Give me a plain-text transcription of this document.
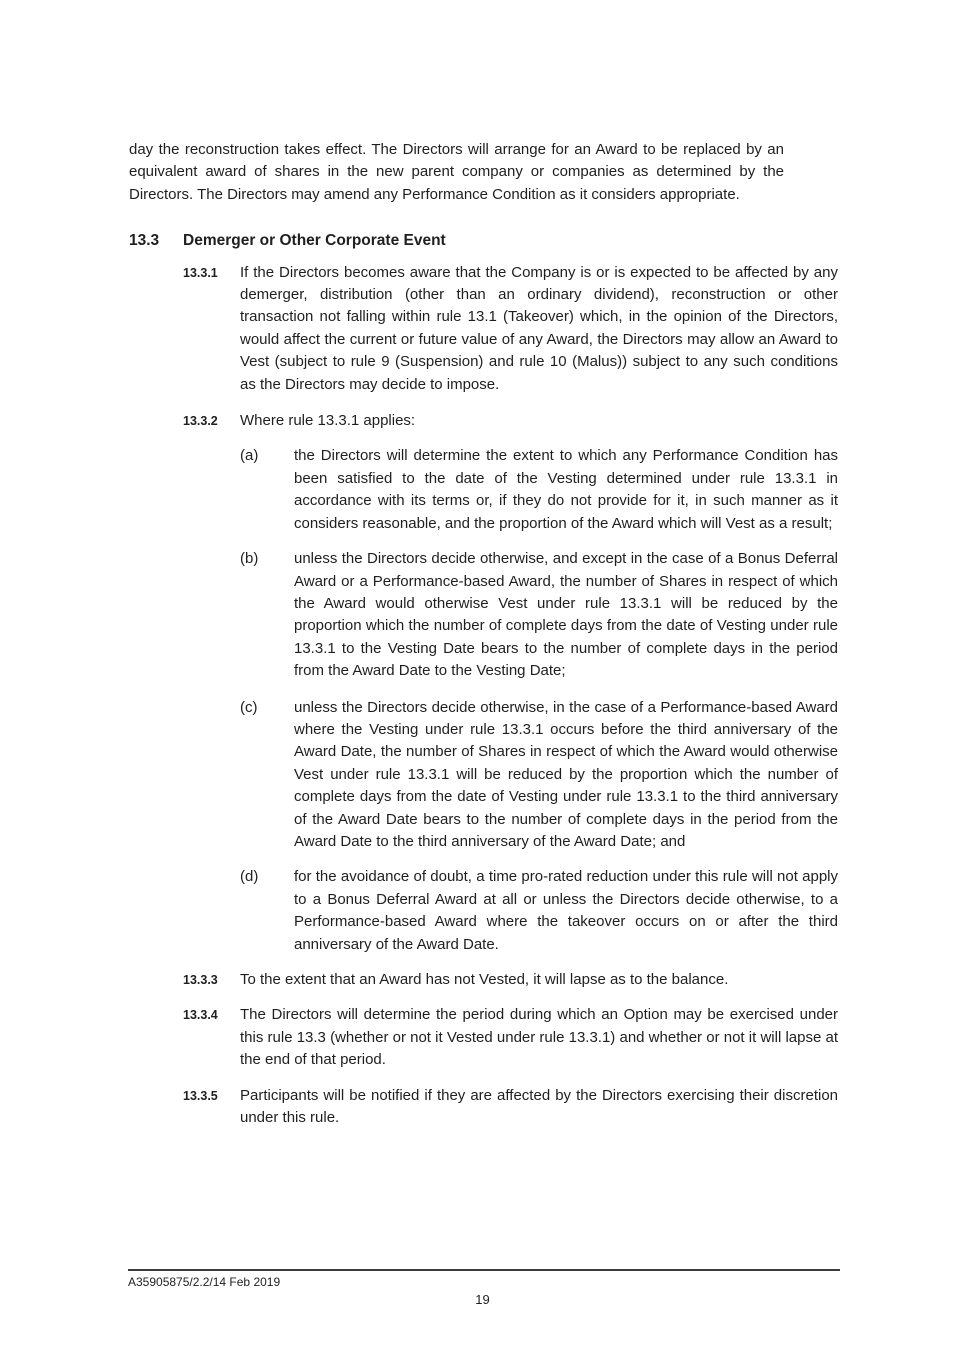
day the reconstruction takes effect. The Directors will arrange for an Award to be replaced by an equivalent award of shares in the new parent company or companies as determined by the Directors. The Directors may amend any Performance Condition as it considers appropriate.

13.3	Demerger or Other Corporate Event
13.3.1	If the Directors becomes aware that the Company is or is expected to be affected by any demerger, distribution (other than an ordinary dividend), reconstruction or other transaction not falling within rule 13.1 (Takeover) which, in the opinion of the Directors, would affect the current or future value of any Award, the Directors may allow an Award to Vest (subject to rule 9 (Suspension) and rule 10 (Malus)) subject to any such conditions as the Directors may decide to impose.
13.3.2	Where rule 13.3.1 applies:
(a)	the Directors will determine the extent to which any Performance Condition has been satisfied to the date of the Vesting determined under rule 13.3.1 in accordance with its terms or, if they do not provide for it, in such manner as it considers reasonable, and the proportion of the Award which will Vest as a result;
(b)	unless the Directors decide otherwise, and except in the case of a Bonus Deferral Award or a Performance-based Award, the number of Shares in respect of which the Award would otherwise Vest under rule 13.3.1 will be reduced by the proportion which the number of complete days from the date of Vesting under rule 13.3.1 to the Vesting Date bears to the number of complete days in the period from the Award Date to the Vesting Date;
(c)	unless the Directors decide otherwise, in the case of a Performance-based Award where the Vesting under rule 13.3.1 occurs before the third anniversary of the Award Date, the number of Shares in respect of which the Award would otherwise Vest under rule 13.3.1 will be reduced by the proportion which the number of complete days from the date of Vesting under rule 13.3.1 to the third anniversary of the Award Date bears to the number of complete days in the period from the Award Date to the third anniversary of the Award Date; and
(d)	for the avoidance of doubt, a time pro-rated reduction under this rule will not apply to a Bonus Deferral Award at all or unless the Directors decide otherwise, to a Performance-based Award where the takeover occurs on or after the third anniversary of the Award Date.
13.3.3	To the extent that an Award has not Vested, it will lapse as to the balance.
13.3.4	The Directors will determine the period during which an Option may be exercised under this rule 13.3 (whether or not it Vested under rule 13.3.1) and whether or not it will lapse at the end of that period.
13.3.5	Participants will be notified if they are affected by the Directors exercising their discretion under this rule.
A35905875/2.2/14 Feb 2019
19
